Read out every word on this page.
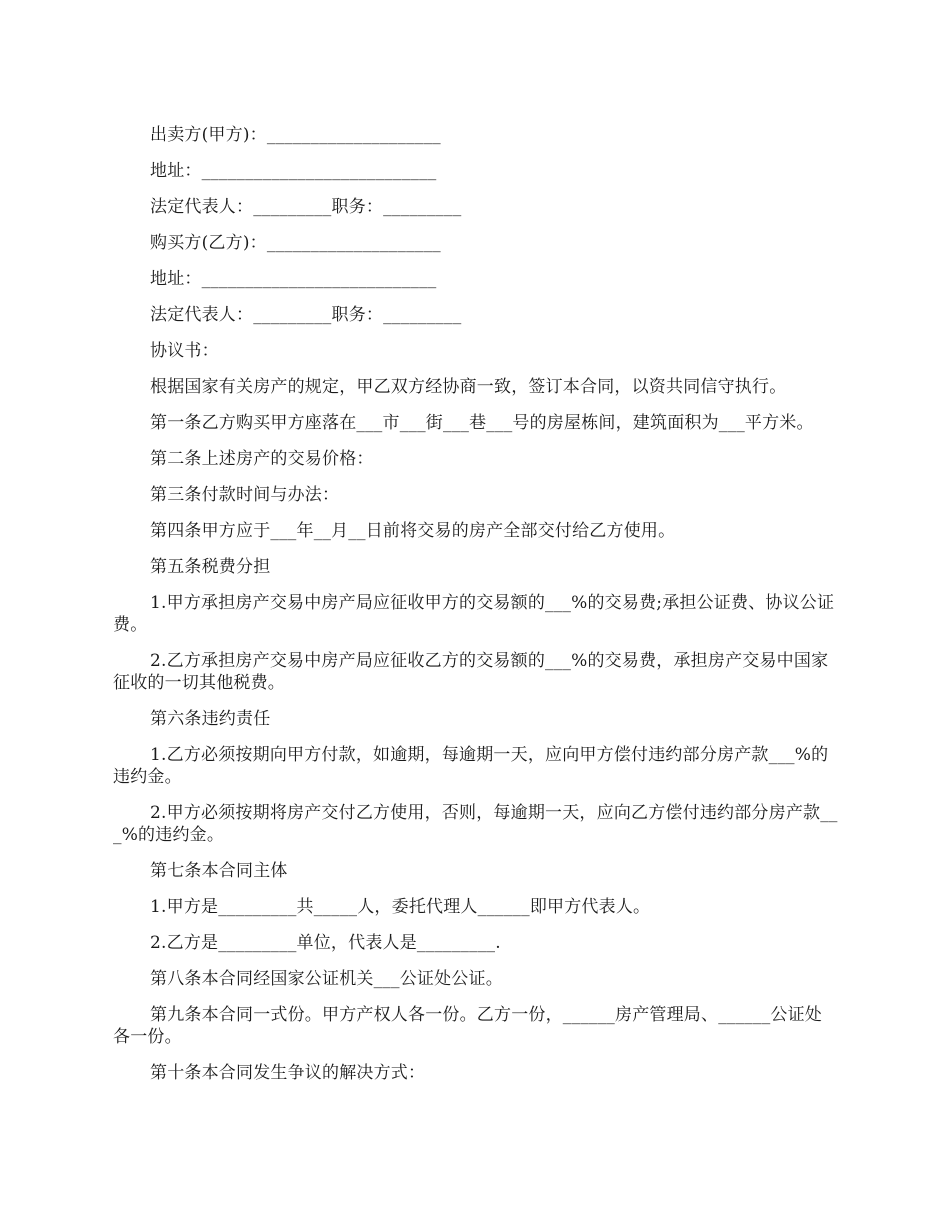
出卖方(甲方)：____________________

地址：___________________________

法定代表人：_________职务：_________

购买方(乙方)：____________________

地址：___________________________

法定代表人：_________职务：_________

协议书：

根据国家有关房产的规定，甲乙双方经协商一致，签订本合同，以资共同信守执行。

第一条乙方购买甲方座落在___市___街___巷___号的房屋栋间，建筑面积为___平方米。

第二条上述房产的交易价格：

第三条付款时间与办法：

第四条甲方应于___年__月__日前将交易的房产全部交付给乙方使用。

第五条税费分担

1.甲方承担房产交易中房产局应征收甲方的交易额的___%的交易费;承担公证费、协议公证费。

2.乙方承担房产交易中房产局应征收乙方的交易额的___%的交易费，承担房产交易中国家征收的一切其他税费。

第六条违约责任

1.乙方必须按期向甲方付款，如逾期，每逾期一天，应向甲方偿付违约部分房产款___%的违约金。

2.甲方必须按期将房产交付乙方使用，否则，每逾期一天，应向乙方偿付违约部分房产款___%的违约金。

第七条本合同主体

1.甲方是_________共_____人，委托代理人______即甲方代表人。

2.乙方是_________单位，代表人是_________.

第八条本合同经国家公证机关___公证处公证。

第九条本合同一式份。甲方产权人各一份。乙方一份，______房产管理局、______公证处各一份。

第十条本合同发生争议的解决方式：
